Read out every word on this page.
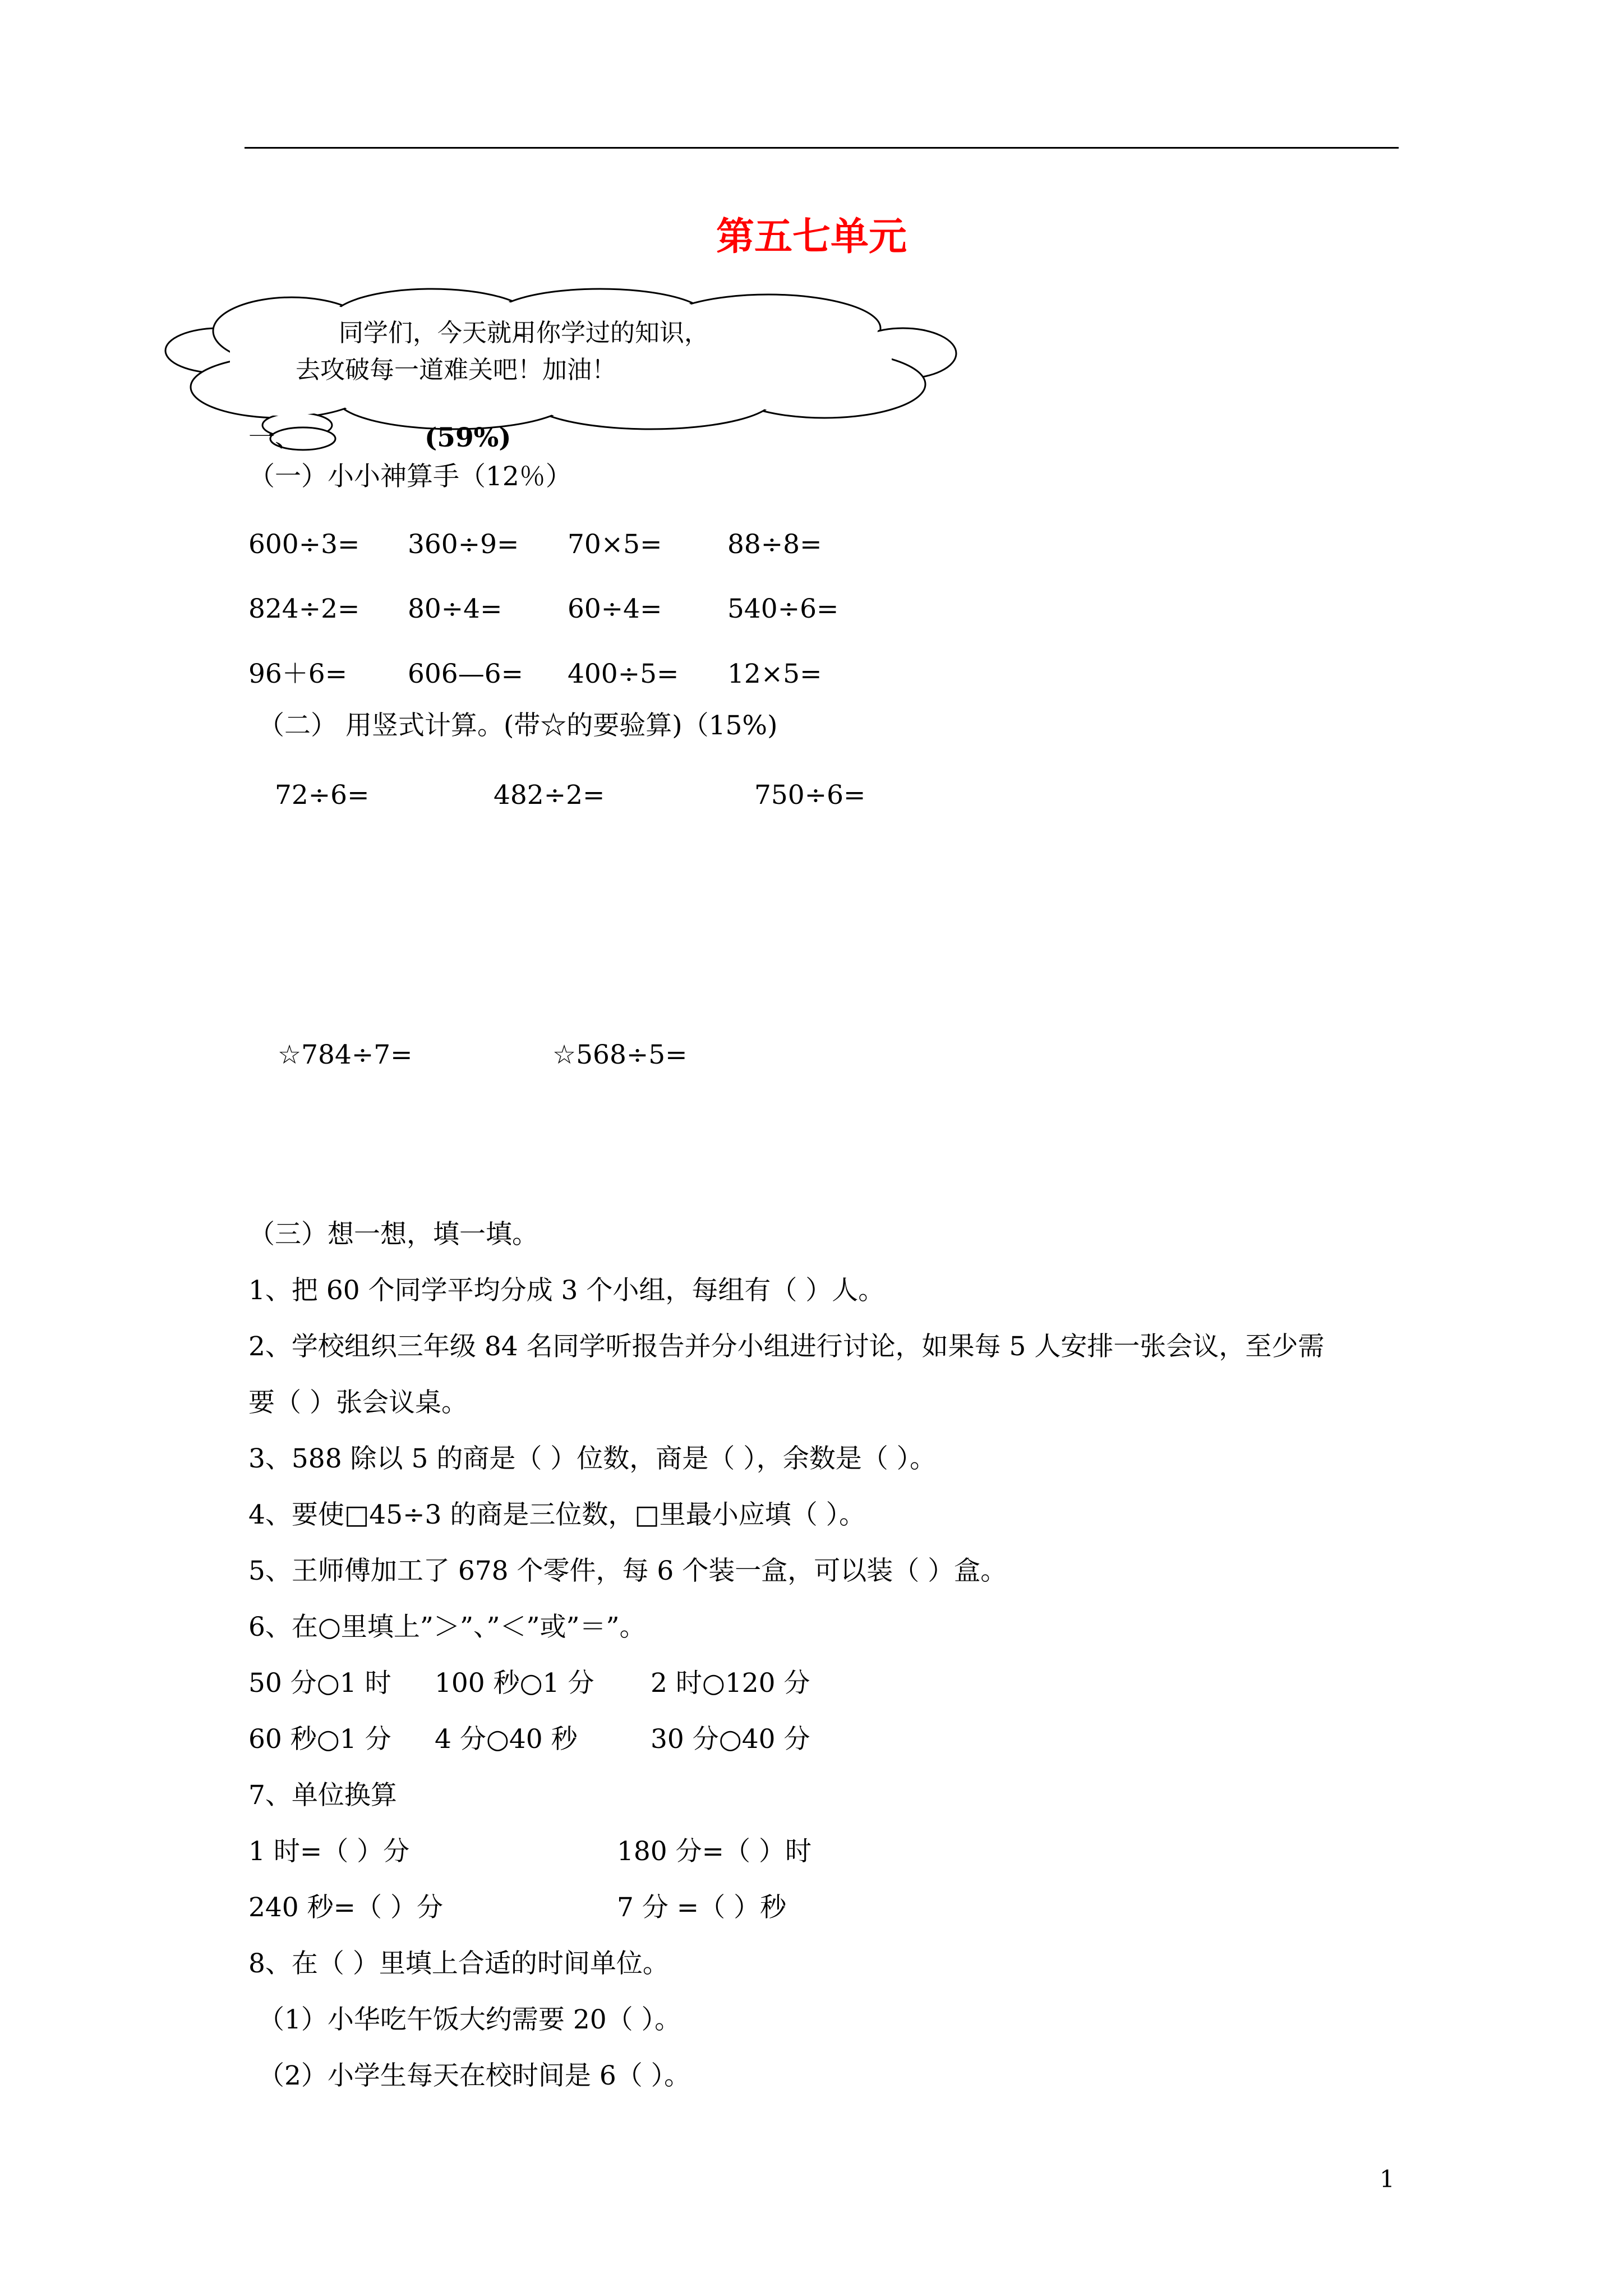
第五七单元
同学们，今天就用你学过的知识，
去攻破每一道难关吧！加油！
一、	(59%)
（一）小小神算手（12％）
600÷3= 360÷9= 70×5= 88÷8=
824÷2= 80÷4= 60÷4= 540÷6=
96＋6= 606—6= 400÷5= 12×5=
（二） 用竖式计算。(带☆的要验算)（15%)
72÷6=	482÷2=	750÷6=
☆784÷7=	☆568÷5=
（三）想一想，填一填。
1、把 60 个同学平均分成 3 个小组，每组有（ ）人。
2、学校组织三年级 84 名同学听报告并分小组进行讨论，如果每 5 人安排一张会议，至少需
要（ ）张会议桌。
3、588 除以 5 的商是（ ）位数，商是（ ），余数是（ ）。
4、要使□45÷3 的商是三位数，□里最小应填（ ）。
5、王师傅加工了 678 个零件，每 6 个装一盒，可以装（ ）盒。
6、在○里填上”＞”、”＜”或”＝”。
50 分○1 时 100 秒○1 分 2 时○120 分
60 秒○1 分 4 分○40 秒	30 分○40 分
7、单位换算
1 时=（ ）分	180 分=（ ）时
240 秒=（ ）分	7 分 =（ ）秒
8、在（ ）里填上合适的时间单位。
（1）小华吃午饭大约需要 20（ ）。
（2）小学生每天在校时间是 6（ ）。
1
